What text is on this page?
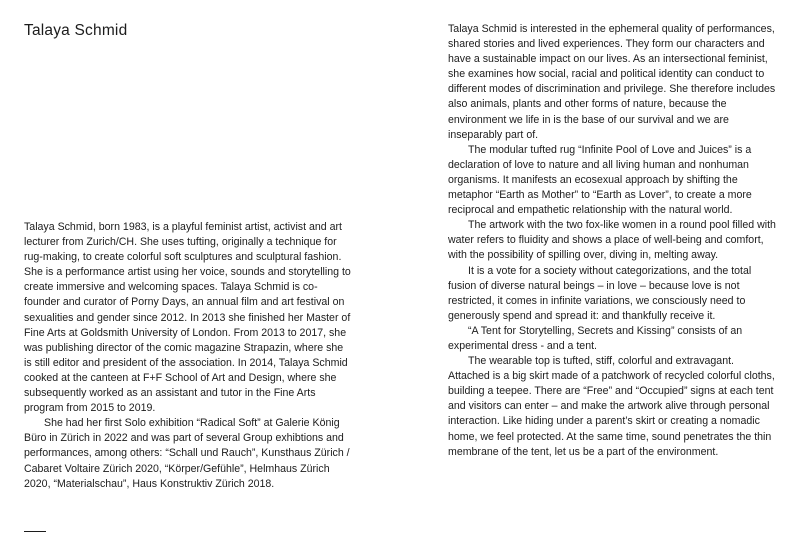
Talaya Schmid

Talaya Schmid, born 1983, is a playful feminist artist, activist and art lecturer from Zurich/CH. She uses tufting, originally a technique for rug-making, to create colorful soft sculptures and sculptural fashion. She is a performance artist using her voice, sounds and storytelling to create immersive and welcoming spaces. Talaya Schmid is co-founder and curator of Porny Days, an annual film and art festival on sexualities and gender since 2012. In 2013 she finished her Master of Fine Arts at Goldsmith University of London. From 2013 to 2017, she was publishing director of the comic magazine Strapazin, where she is still editor and president of the association. In 2014, Talaya Schmid cooked at the canteen at F+F School of Art and Design, where she subsequently worked as an assistant and tutor in the Fine Arts program from 2015 to 2019.

She had her first Solo exhibition “Radical Soft” at Galerie König Büro in Zürich in 2022 and was part of several Group exhibtions and performances, among others: “Schall und Rauch”, Kunsthaus Zürich / Cabaret Voltaire Zürich 2020, “Körper/Gefühle”, Helmhaus Zürich 2020, “Materialschau”, Haus Konstruktiv Zürich 2018.

Talaya Schmid is interested in the ephemeral quality of performances, shared stories and lived experiences. They form our characters and have a sustainable impact on our lives. As an intersectional feminist, she examines how social, racial and political identity can conduct to different modes of discrimination and privilege. She therefore includes also animals, plants and other forms of nature, because the environment we life in is the base of our survival and we are inseparably part of.

The modular tufted rug “Infinite Pool of Love and Juices” is a declaration of love to nature and all living human and nonhuman organisms. It manifests an ecosexual approach by shifting the metaphor “Earth as Mother” to “Earth as Lover”, to create a more reciprocal and empathetic relationship with the natural world.

The artwork with the two fox-like women in a round pool filled with water refers to fluidity and shows a place of well-being and comfort, with the possibility of spilling over, diving in, melting away.

It is a vote for a society without categorizations, and the total fusion of diverse natural beings – in love – because love is not restricted, it comes in infinite variations, we consciously need to generously spend and spread it: and thankfully receive it.

“A Tent for Storytelling, Secrets and Kissing” consists of an experimental dress - and a tent.

The wearable top is tufted, stiff, colorful and extravagant. Attached is a big skirt made of a patchwork of recycled colorful cloths, building a teepee. There are “Free” and “Occupied” signs at each tent and visitors can enter – and make the artwork alive through personal interaction. Like hiding under a parent’s skirt or creating a nomadic home, we feel protected. At the same time, sound penetrates the thin membrane of the tent, let us be a part of the environment.
